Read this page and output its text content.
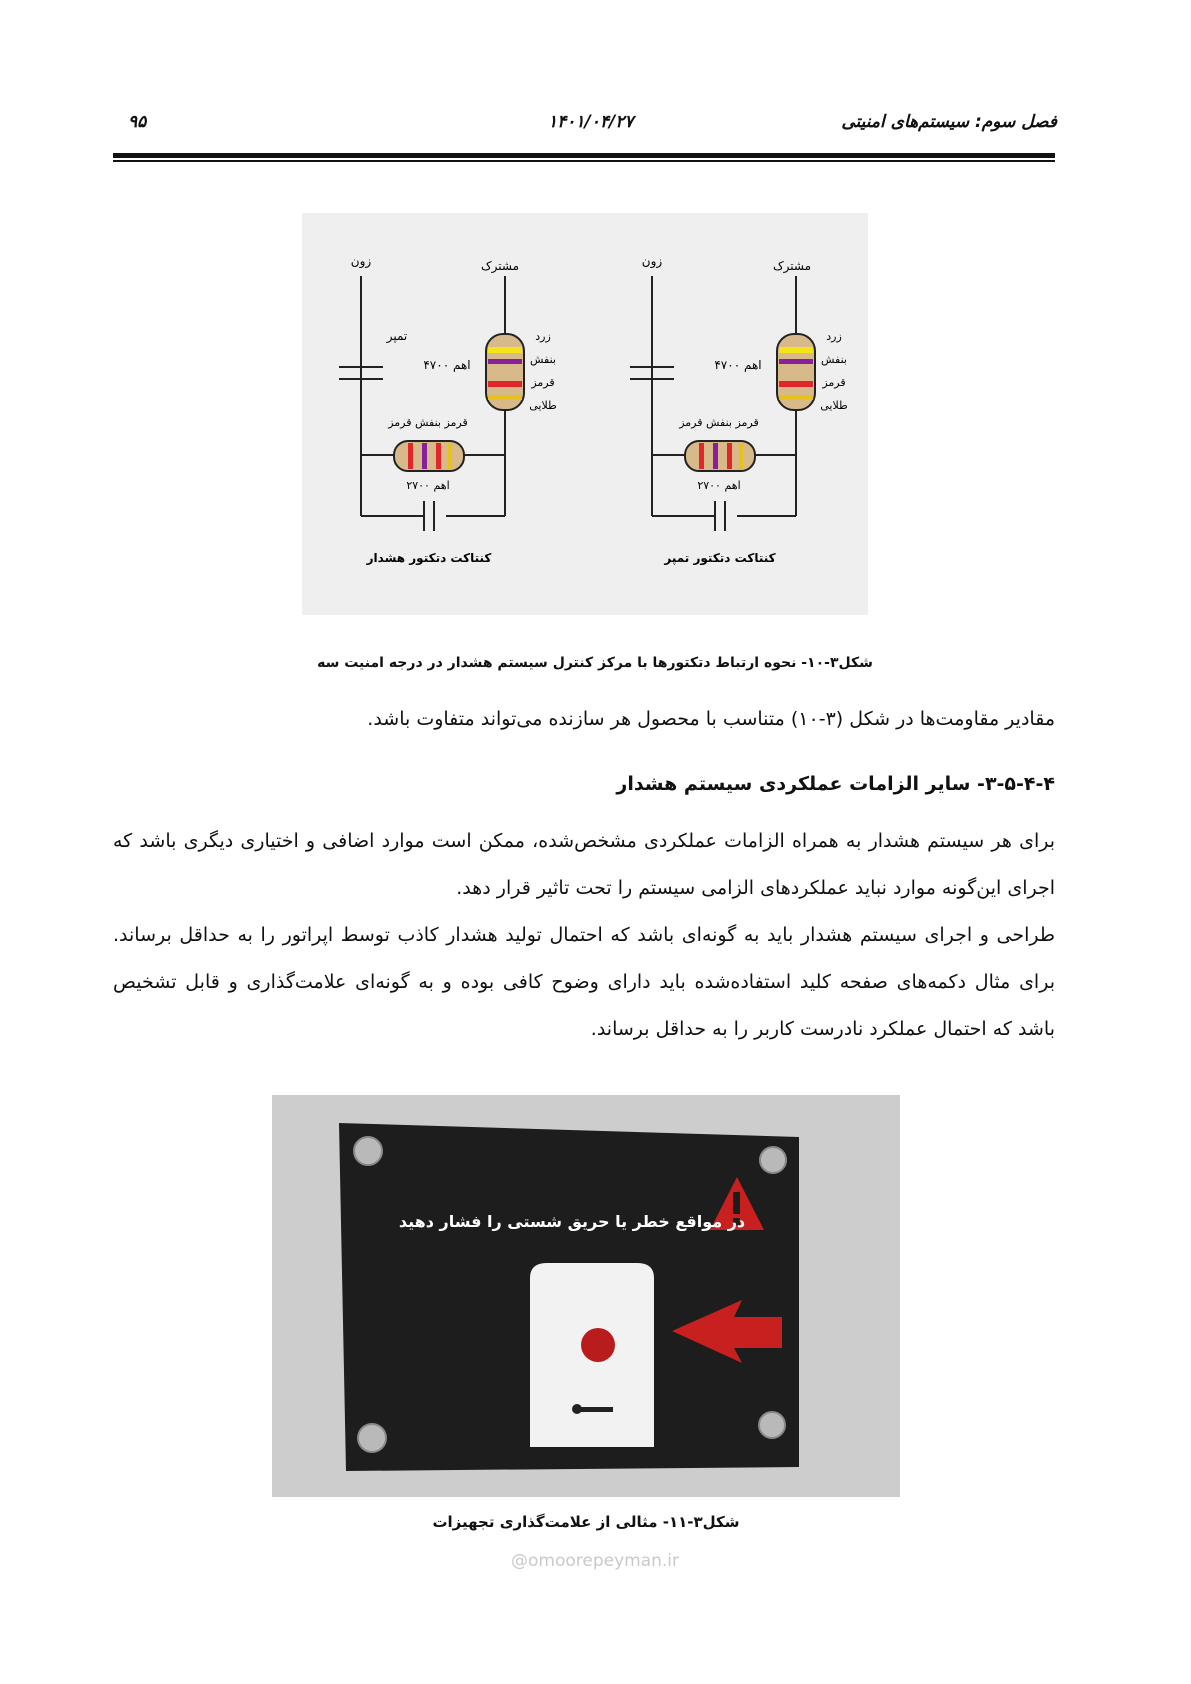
۹۵	۱۴۰۱/۰۴/۲۷	فصل سوم: سیستم‌های امنیتی
زون	مشترک
تمپر
۴۷۰۰ اهم
زرد
بنفش
قرمز
طلایی
قرمز بنفش قرمز
۲۷۰۰ اهم
کنتاکت دتکتور هشدار
زون	مشترک
۴۷۰۰ اهم
زرد
بنفش
قرمز
طلایی
قرمز بنفش قرمز
۲۷۰۰ اهم
کنتاکت دتکتور تمپر
شکل۳-۱۰- نحوه ارتباط دتکتورها با مرکز کنترل سیستم هشدار در درجه امنیت سه

مقادیر مقاومت‌ها در شکل (۳-۱۰) متناسب با محصول هر سازنده می‌تواند متفاوت باشد.

۳-۵-۴-۴- سایر الزامات عملکردی سیستم هشدار

برای هر سیستم هشدار به همراه الزامات عملکردی مشخص‌شده، ممکن است موارد اضافی و اختیاری دیگری باشد که

اجرای این‌گونه موارد نباید عملکردهای الزامی سیستم را تحت تاثیر قرار دهد.

طراحی و اجرای سیستم هشدار باید به گونه‌ای باشد که احتمال تولید هشدار کاذب توسط اپراتور را به حداقل برساند.

برای مثال دکمه‌های صفحه کلید استفاده‌شده باید دارای وضوح کافی بوده و به گونه‌ای علامت‌گذاری و قابل تشخیص

باشد که احتمال عملکرد نادرست کاربر را به حداقل برساند.

در مواقع خطر یا حریق شستی را فشار دهید
شکل۳-۱۱- مثالی از علامت‌گذاری تجهیزات
@omoorepeyman.ir
